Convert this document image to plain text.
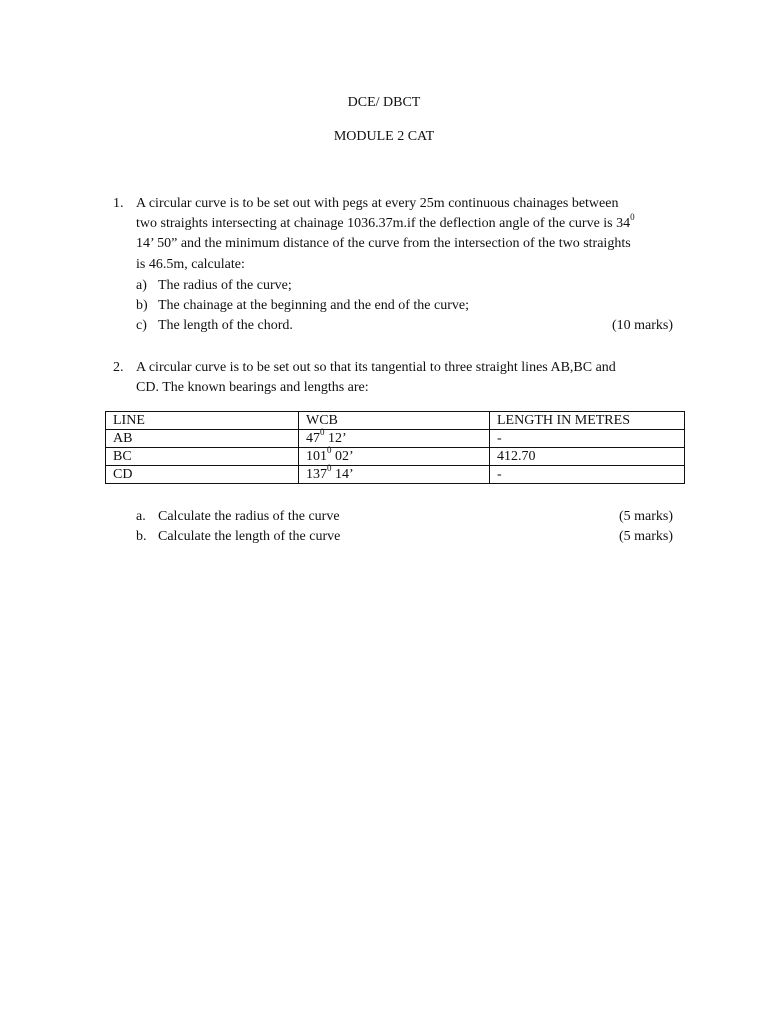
DCE/ DBCT
MODULE 2 CAT
1. A circular curve is to be set out with pegs at every 25m continuous chainages between
two straights intersecting at chainage 1036.37m.if the deflection angle of the curve is $34^0$
14’ 50” and the minimum distance of the curve from the intersection of the two straights
is 46.5m, calculate:
a) The radius of the curve;
b) The chainage at the beginning and the end of the curve;
c) The length of the chord.	(10 marks)
2. A circular curve is to be set out so that its tangential to three straight lines AB,BC and
CD. The known bearings and lengths are:
LINE	WCB	LENGTH IN METRES
AB	$47^0$ 12’	-
BC	$101^0$ 02’	412.70
CD	$137^0$ 14’	-
a. Calculate the radius of the curve	(5 marks)
b. Calculate the length of the curve	(5 marks)
